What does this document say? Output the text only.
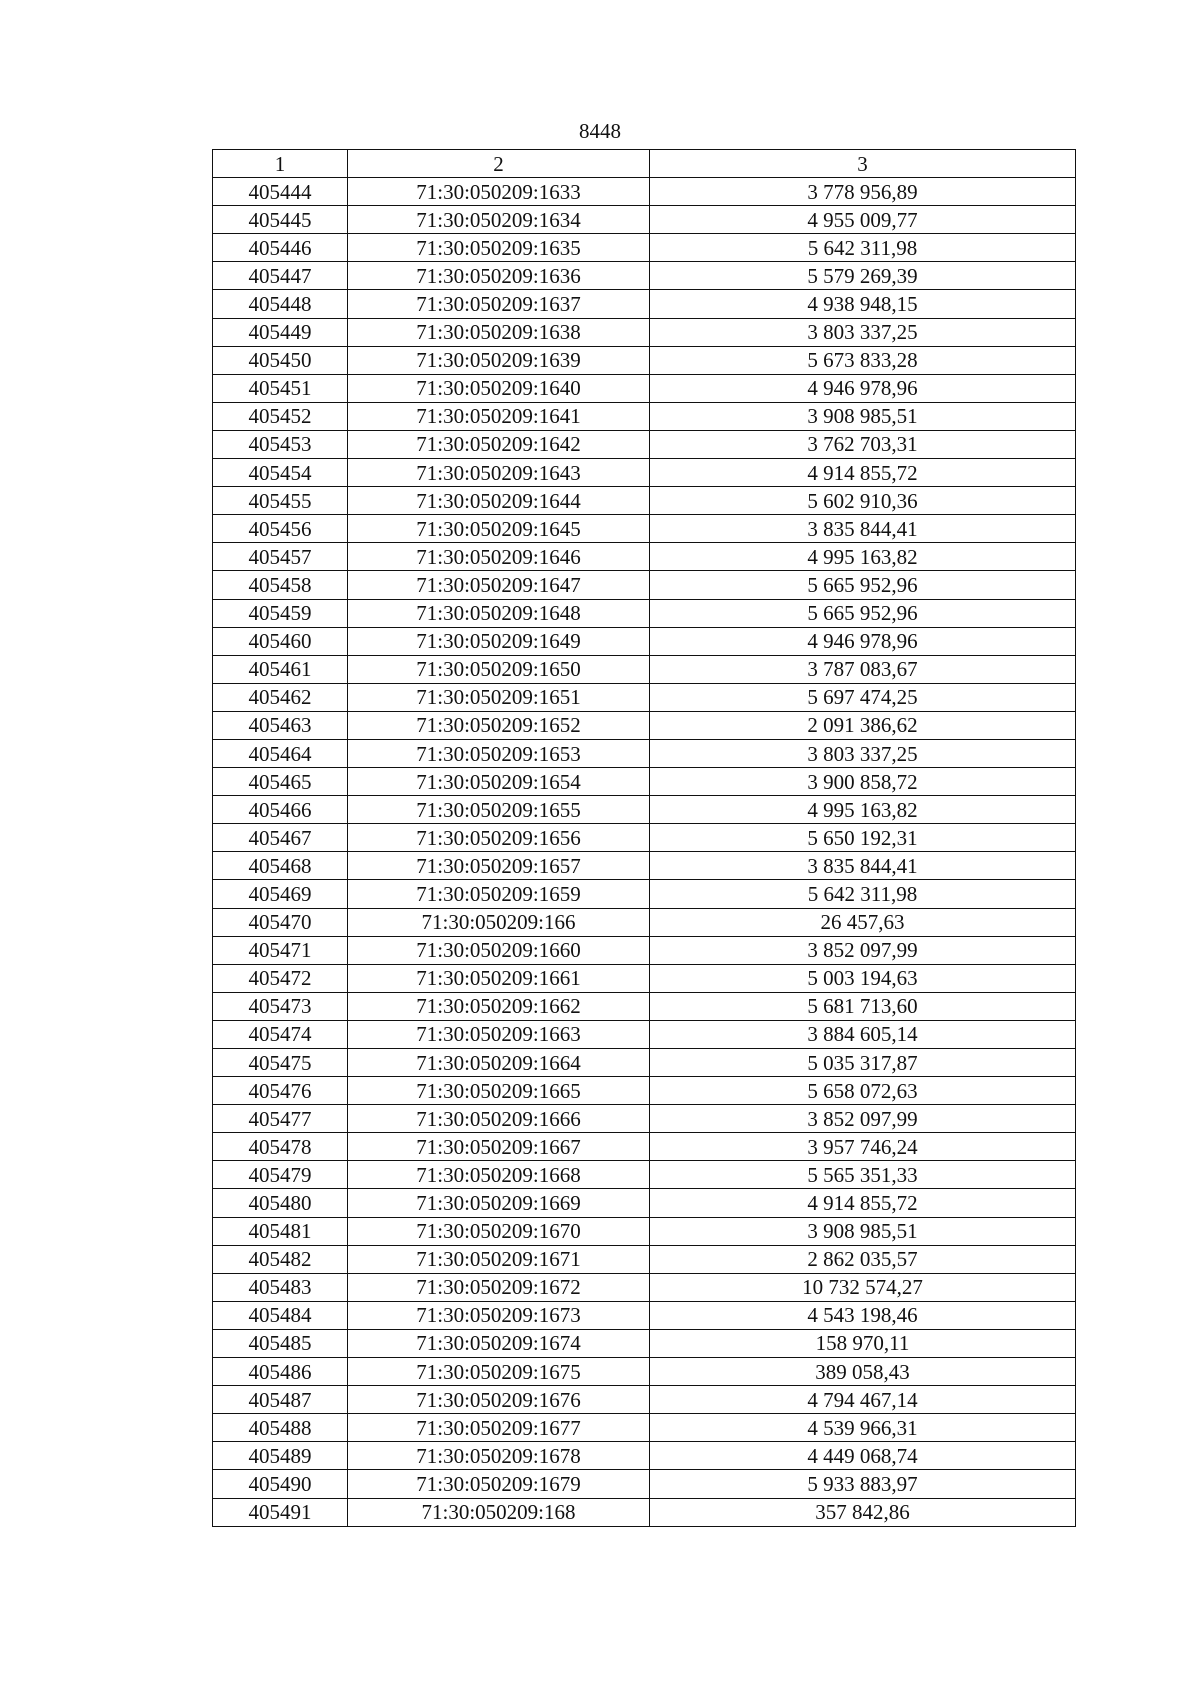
8448
1	2	3
405444	71:30:050209:1633	3 778 956,89
405445	71:30:050209:1634	4 955 009,77
405446	71:30:050209:1635	5 642 311,98
405447	71:30:050209:1636	5 579 269,39
405448	71:30:050209:1637	4 938 948,15
405449	71:30:050209:1638	3 803 337,25
405450	71:30:050209:1639	5 673 833,28
405451	71:30:050209:1640	4 946 978,96
405452	71:30:050209:1641	3 908 985,51
405453	71:30:050209:1642	3 762 703,31
405454	71:30:050209:1643	4 914 855,72
405455	71:30:050209:1644	5 602 910,36
405456	71:30:050209:1645	3 835 844,41
405457	71:30:050209:1646	4 995 163,82
405458	71:30:050209:1647	5 665 952,96
405459	71:30:050209:1648	5 665 952,96
405460	71:30:050209:1649	4 946 978,96
405461	71:30:050209:1650	3 787 083,67
405462	71:30:050209:1651	5 697 474,25
405463	71:30:050209:1652	2 091 386,62
405464	71:30:050209:1653	3 803 337,25
405465	71:30:050209:1654	3 900 858,72
405466	71:30:050209:1655	4 995 163,82
405467	71:30:050209:1656	5 650 192,31
405468	71:30:050209:1657	3 835 844,41
405469	71:30:050209:1659	5 642 311,98
405470	71:30:050209:166	26 457,63
405471	71:30:050209:1660	3 852 097,99
405472	71:30:050209:1661	5 003 194,63
405473	71:30:050209:1662	5 681 713,60
405474	71:30:050209:1663	3 884 605,14
405475	71:30:050209:1664	5 035 317,87
405476	71:30:050209:1665	5 658 072,63
405477	71:30:050209:1666	3 852 097,99
405478	71:30:050209:1667	3 957 746,24
405479	71:30:050209:1668	5 565 351,33
405480	71:30:050209:1669	4 914 855,72
405481	71:30:050209:1670	3 908 985,51
405482	71:30:050209:1671	2 862 035,57
405483	71:30:050209:1672	10 732 574,27
405484	71:30:050209:1673	4 543 198,46
405485	71:30:050209:1674	158 970,11
405486	71:30:050209:1675	389 058,43
405487	71:30:050209:1676	4 794 467,14
405488	71:30:050209:1677	4 539 966,31
405489	71:30:050209:1678	4 449 068,74
405490	71:30:050209:1679	5 933 883,97
405491	71:30:050209:168	357 842,86
